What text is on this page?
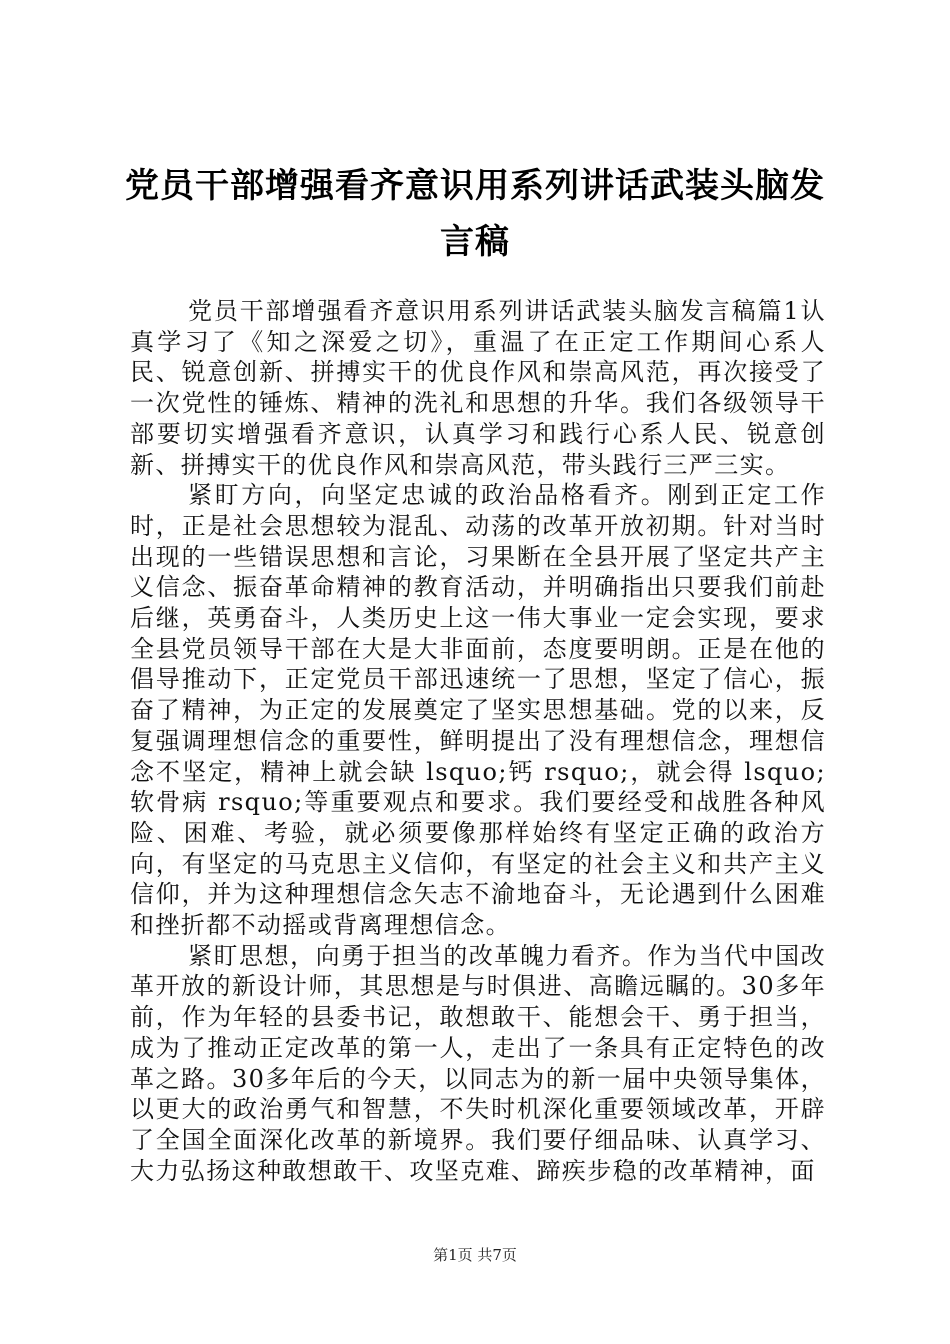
党员干部增强看齐意识用系列讲话武装头脑发言稿

党员干部增强看齐意识用系列讲话武装头脑发言稿篇1认真学习了《知之深爱之切》，重温了在正定工作期间心系人民、锐意创新、拼搏实干的优良作风和崇高风范，再次接受了一次党性的锤炼、精神的洗礼和思想的升华。我们各级领导干部要切实增强看齐意识，认真学习和践行心系人民、锐意创新、拼搏实干的优良作风和崇高风范，带头践行三严三实。

紧盯方向，向坚定忠诚的政治品格看齐。刚到正定工作时，正是社会思想较为混乱、动荡的改革开放初期。针对当时出现的一些错误思想和言论，习果断在全县开展了坚定共产主义信念、振奋革命精神的教育活动，并明确指出只要我们前赴后继，英勇奋斗，人类历史上这一伟大事业一定会实现，要求全县党员领导干部在大是大非面前，态度要明朗。正是在他的倡导推动下，正定党员干部迅速统一了思想，坚定了信心，振奋了精神，为正定的发展奠定了坚实思想基础。党的以来，反复强调理想信念的重要性，鲜明提出了没有理想信念，理想信念不坚定，精神上就会缺 lsquo;钙 rsquo;，就会得 lsquo;软骨病 rsquo;等重要观点和要求。我们要经受和战胜各种风险、困难、考验，就必须要像那样始终有坚定正确的政治方向，有坚定的马克思主义信仰，有坚定的社会主义和共产主义信仰，并为这种理想信念矢志不渝地奋斗，无论遇到什么困难和挫折都不动摇或背离理想信念。

紧盯思想，向勇于担当的改革魄力看齐。作为当代中国改革开放的新设计师，其思想是与时俱进、高瞻远瞩的。30多年前，作为年轻的县委书记，敢想敢干、能想会干、勇于担当，成为了推动正定改革的第一人，走出了一条具有正定特色的改革之路。30多年后的今天，以同志为的新一届中央领导集体，以更大的政治勇气和智慧，不失时机深化重要领域改革，开辟了全国全面深化改革的新境界。我们要仔细品味、认真学习、大力弘扬这种敢想敢干、攻坚克难、蹄疾步稳的改革精神，面

第1页 共7页
